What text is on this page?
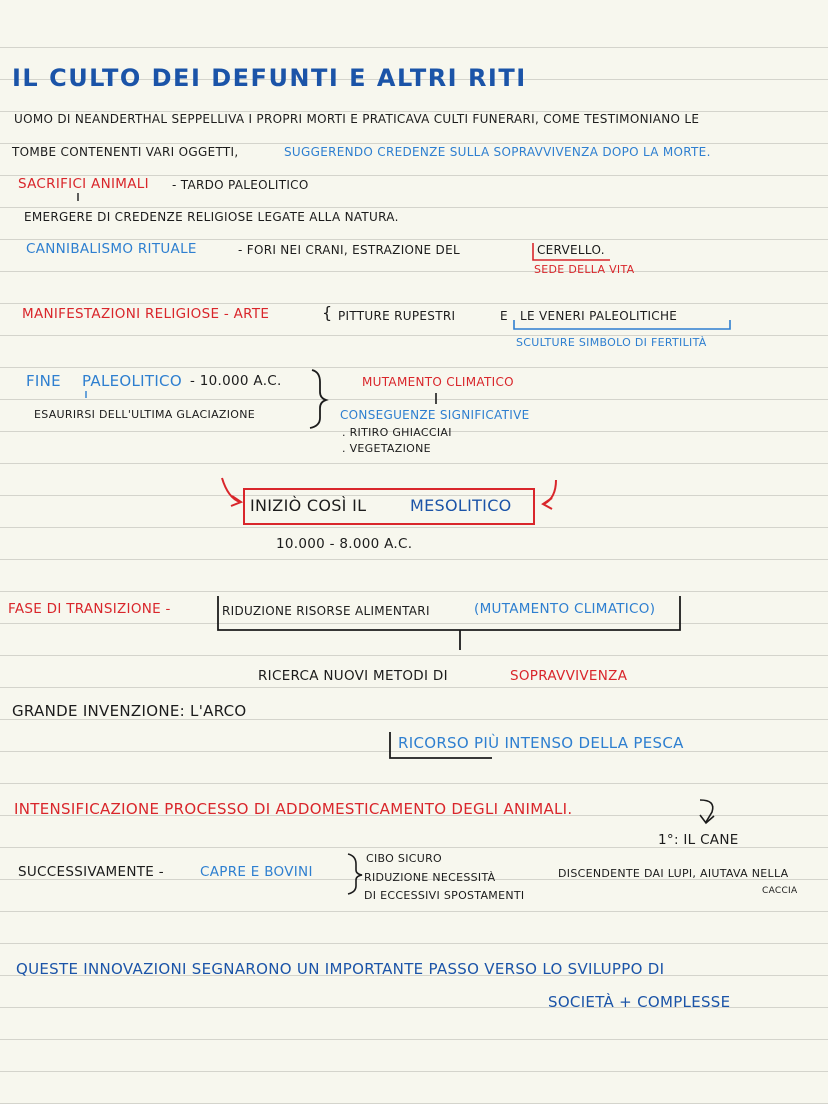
IL CULTO DEI DEFUNTI E ALTRI RITI
UOMO DI NEANDERTHAL SEPPELLIVA I PROPRI MORTI E PRATICAVA CULTI FUNERARI, COME TESTIMONIANO LE
TOMBE CONTENENTI VARI OGGETTI,	SUGGERENDO CREDENZE SULLA SOPRAVVIVENZA DOPO LA MORTE.
SACRIFICI ANIMALI - TARDO PALEOLITICO
EMERGERE DI CREDENZE RELIGIOSE LEGATE ALLA NATURA.
CANNIBALISMO RITUALE	- FORI NEI CRANI, ESTRAZIONE DEL	CERVELLO.
SEDE DELLA VITA
MANIFESTAZIONI RELIGIOSE - ARTE	{ PITTURE RUPESTRI	E LE VENERI PALEOLITICHE
SCULTURE SIMBOLO DI FERTILITÀ
FINE PALEOLITICO - 10.000 A.C.
ESAURIRSI DELL'ULTIMA GLACIAZIONE
MUTAMENTO CLIMATICO
CONSEGUENZE SIGNIFICATIVE
. RITIRO GHIACCIAI
. VEGETAZIONE
INIZIÒ COSÌ IL	MESOLITICO
10.000 - 8.000 A.C.
FASE DI TRANSIZIONE -	RIDUZIONE RISORSE ALIMENTARI	(MUTAMENTO CLIMATICO)
RICERCA NUOVI METODI DI	SOPRAVVIVENZA
GRANDE INVENZIONE: L'ARCO
RICORSO PIÙ INTENSO DELLA PESCA
INTENSIFICAZIONE PROCESSO DI ADDOMESTICAMENTO DEGLI ANIMALI.
1°: IL CANE
SUCCESSIVAMENTE -	CAPRE E BOVINI
CIBO SICURO
RIDUZIONE NECESSITÀ
DI ECCESSIVI SPOSTAMENTI
DISCENDENTE DAI LUPI, AIUTAVA NELLA
CACCIA
QUESTE INNOVAZIONI SEGNARONO UN IMPORTANTE PASSO VERSO LO SVILUPPO DI
SOCIETÀ + COMPLESSE
